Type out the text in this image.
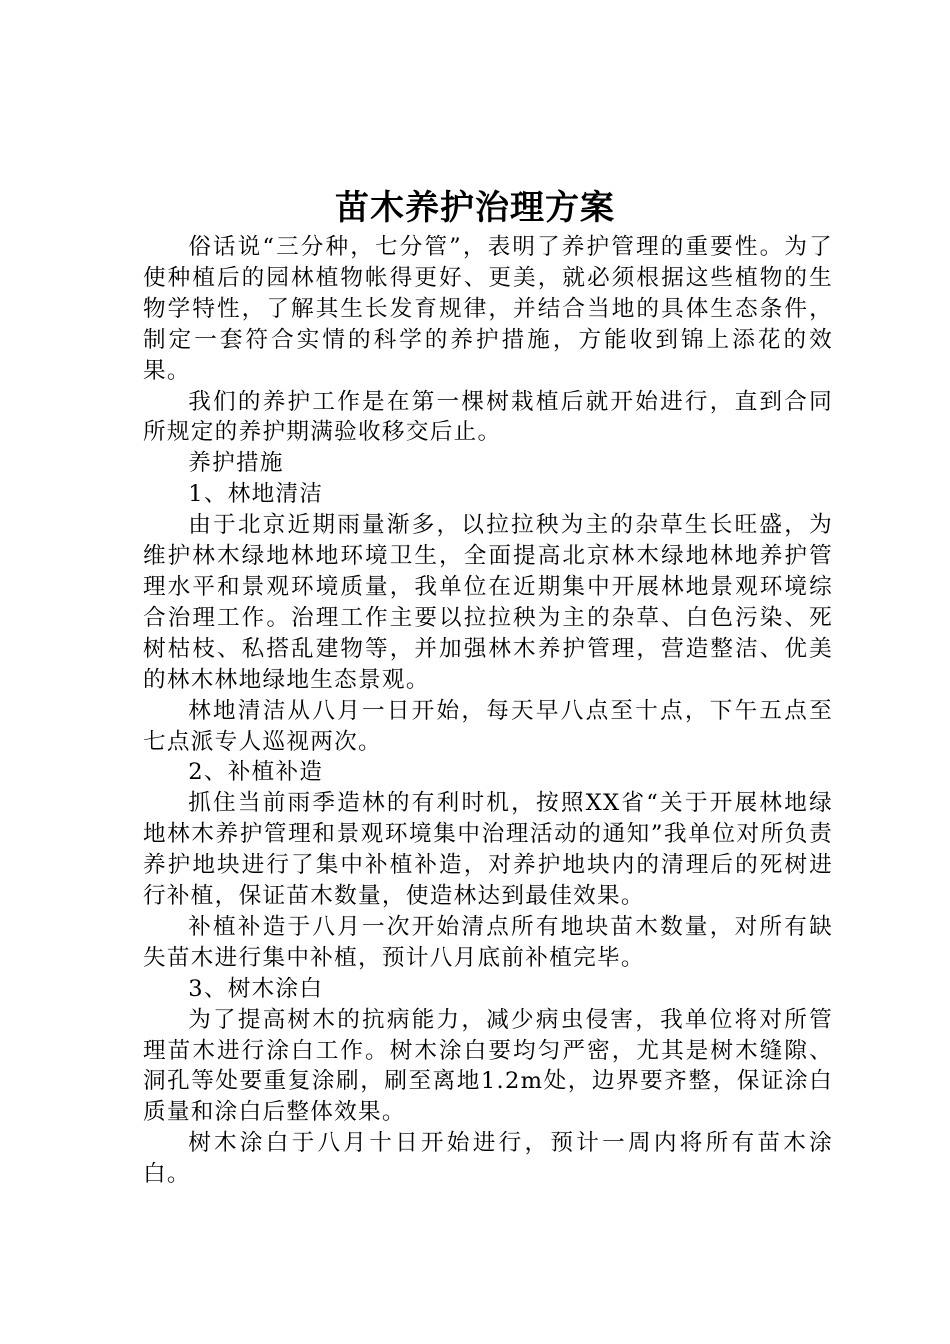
苗木养护治理方案

俗话说“三分种，七分管”，表明了养护管理的重要性。为了使种植后的园林植物帐得更好、更美，就必须根据这些植物的生物学特性，了解其生长发育规律，并结合当地的具体生态条件，制定一套符合实情的科学的养护措施，方能收到锦上添花的效果。

我们的养护工作是在第一棵树栽植后就开始进行，直到合同所规定的养护期满验收移交后止。

养护措施

1、林地清洁

由于北京近期雨量渐多，以拉拉秧为主的杂草生长旺盛，为维护林木绿地林地环境卫生，全面提高北京林木绿地林地养护管理水平和景观环境质量，我单位在近期集中开展林地景观环境综合治理工作。治理工作主要以拉拉秧为主的杂草、白色污染、死树枯枝、私搭乱建物等，并加强林木养护管理，营造整洁、优美的林木林地绿地生态景观。

林地清洁从八月一日开始，每天早八点至十点，下午五点至七点派专人巡视两次。

2、补植补造

抓住当前雨季造林的有利时机，按照XX省“关于开展林地绿地林木养护管理和景观环境集中治理活动的通知”我单位对所负责养护地块进行了集中补植补造，对养护地块内的清理后的死树进行补植，保证苗木数量，使造林达到最佳效果。

补植补造于八月一次开始清点所有地块苗木数量，对所有缺失苗木进行集中补植，预计八月底前补植完毕。

3、树木涂白

为了提高树木的抗病能力，减少病虫侵害，我单位将对所管理苗木进行涂白工作。树木涂白要均匀严密，尤其是树木缝隙、洞孔等处要重复涂刷，刷至离地1.2m处，边界要齐整，保证涂白质量和涂白后整体效果。

树木涂白于八月十日开始进行，预计一周内将所有苗木涂白。
